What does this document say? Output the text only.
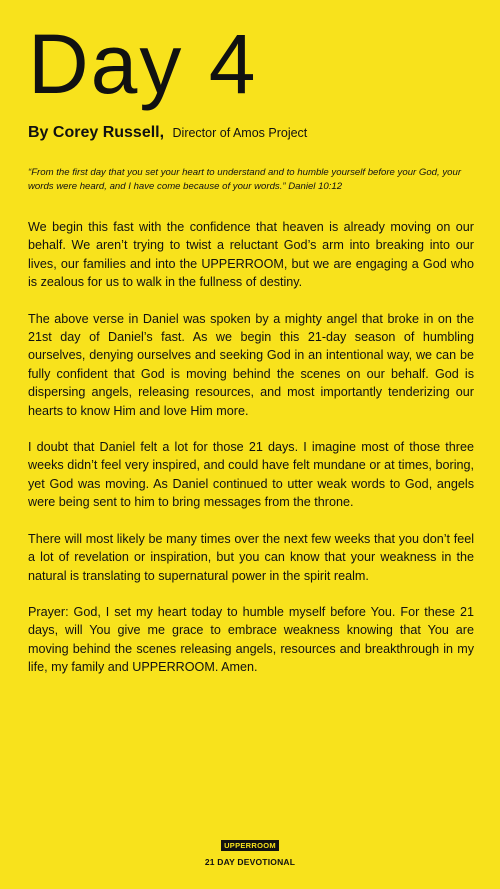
Day 4
By Corey Russell, Director of Amos Project
“From the first day that you set your heart to understand and to humble yourself before your God, your words were heard, and I have come because of your words.” Daniel 10:12

We begin this fast with the confidence that heaven is already moving on our behalf. We aren’t trying to twist a reluctant God’s arm into breaking into our lives, our families and into the UPPERROOM, but we are engaging a God who is zealous for us to walk in the fullness of destiny.

The above verse in Daniel was spoken by a mighty angel that broke in on the 21st day of Daniel’s fast. As we begin this 21-day season of humbling ourselves, denying ourselves and seeking God in an intentional way, we can be fully confident that God is moving behind the scenes on our behalf. God is dispersing angels, releasing resources, and most importantly tenderizing our hearts to know Him and love Him more.

I doubt that Daniel felt a lot for those 21 days. I imagine most of those three weeks didn’t feel very inspired, and could have felt mundane or at times, boring, yet God was moving. As Daniel continued to utter weak words to God, angels were being sent to him to bring messages from the throne.

There will most likely be many times over the next few weeks that you don’t feel a lot of revelation or inspiration, but you can know that your weakness in the natural is translating to supernatural power in the spirit realm.

Prayer: God, I set my heart today to humble myself before You. For these 21 days, will You give me grace to embrace weakness knowing that You are moving behind the scenes releasing angels, resources and breakthrough in my life, my family and UPPERROOM. Amen.

UPPERROOM
21 DAY DEVOTIONAL
